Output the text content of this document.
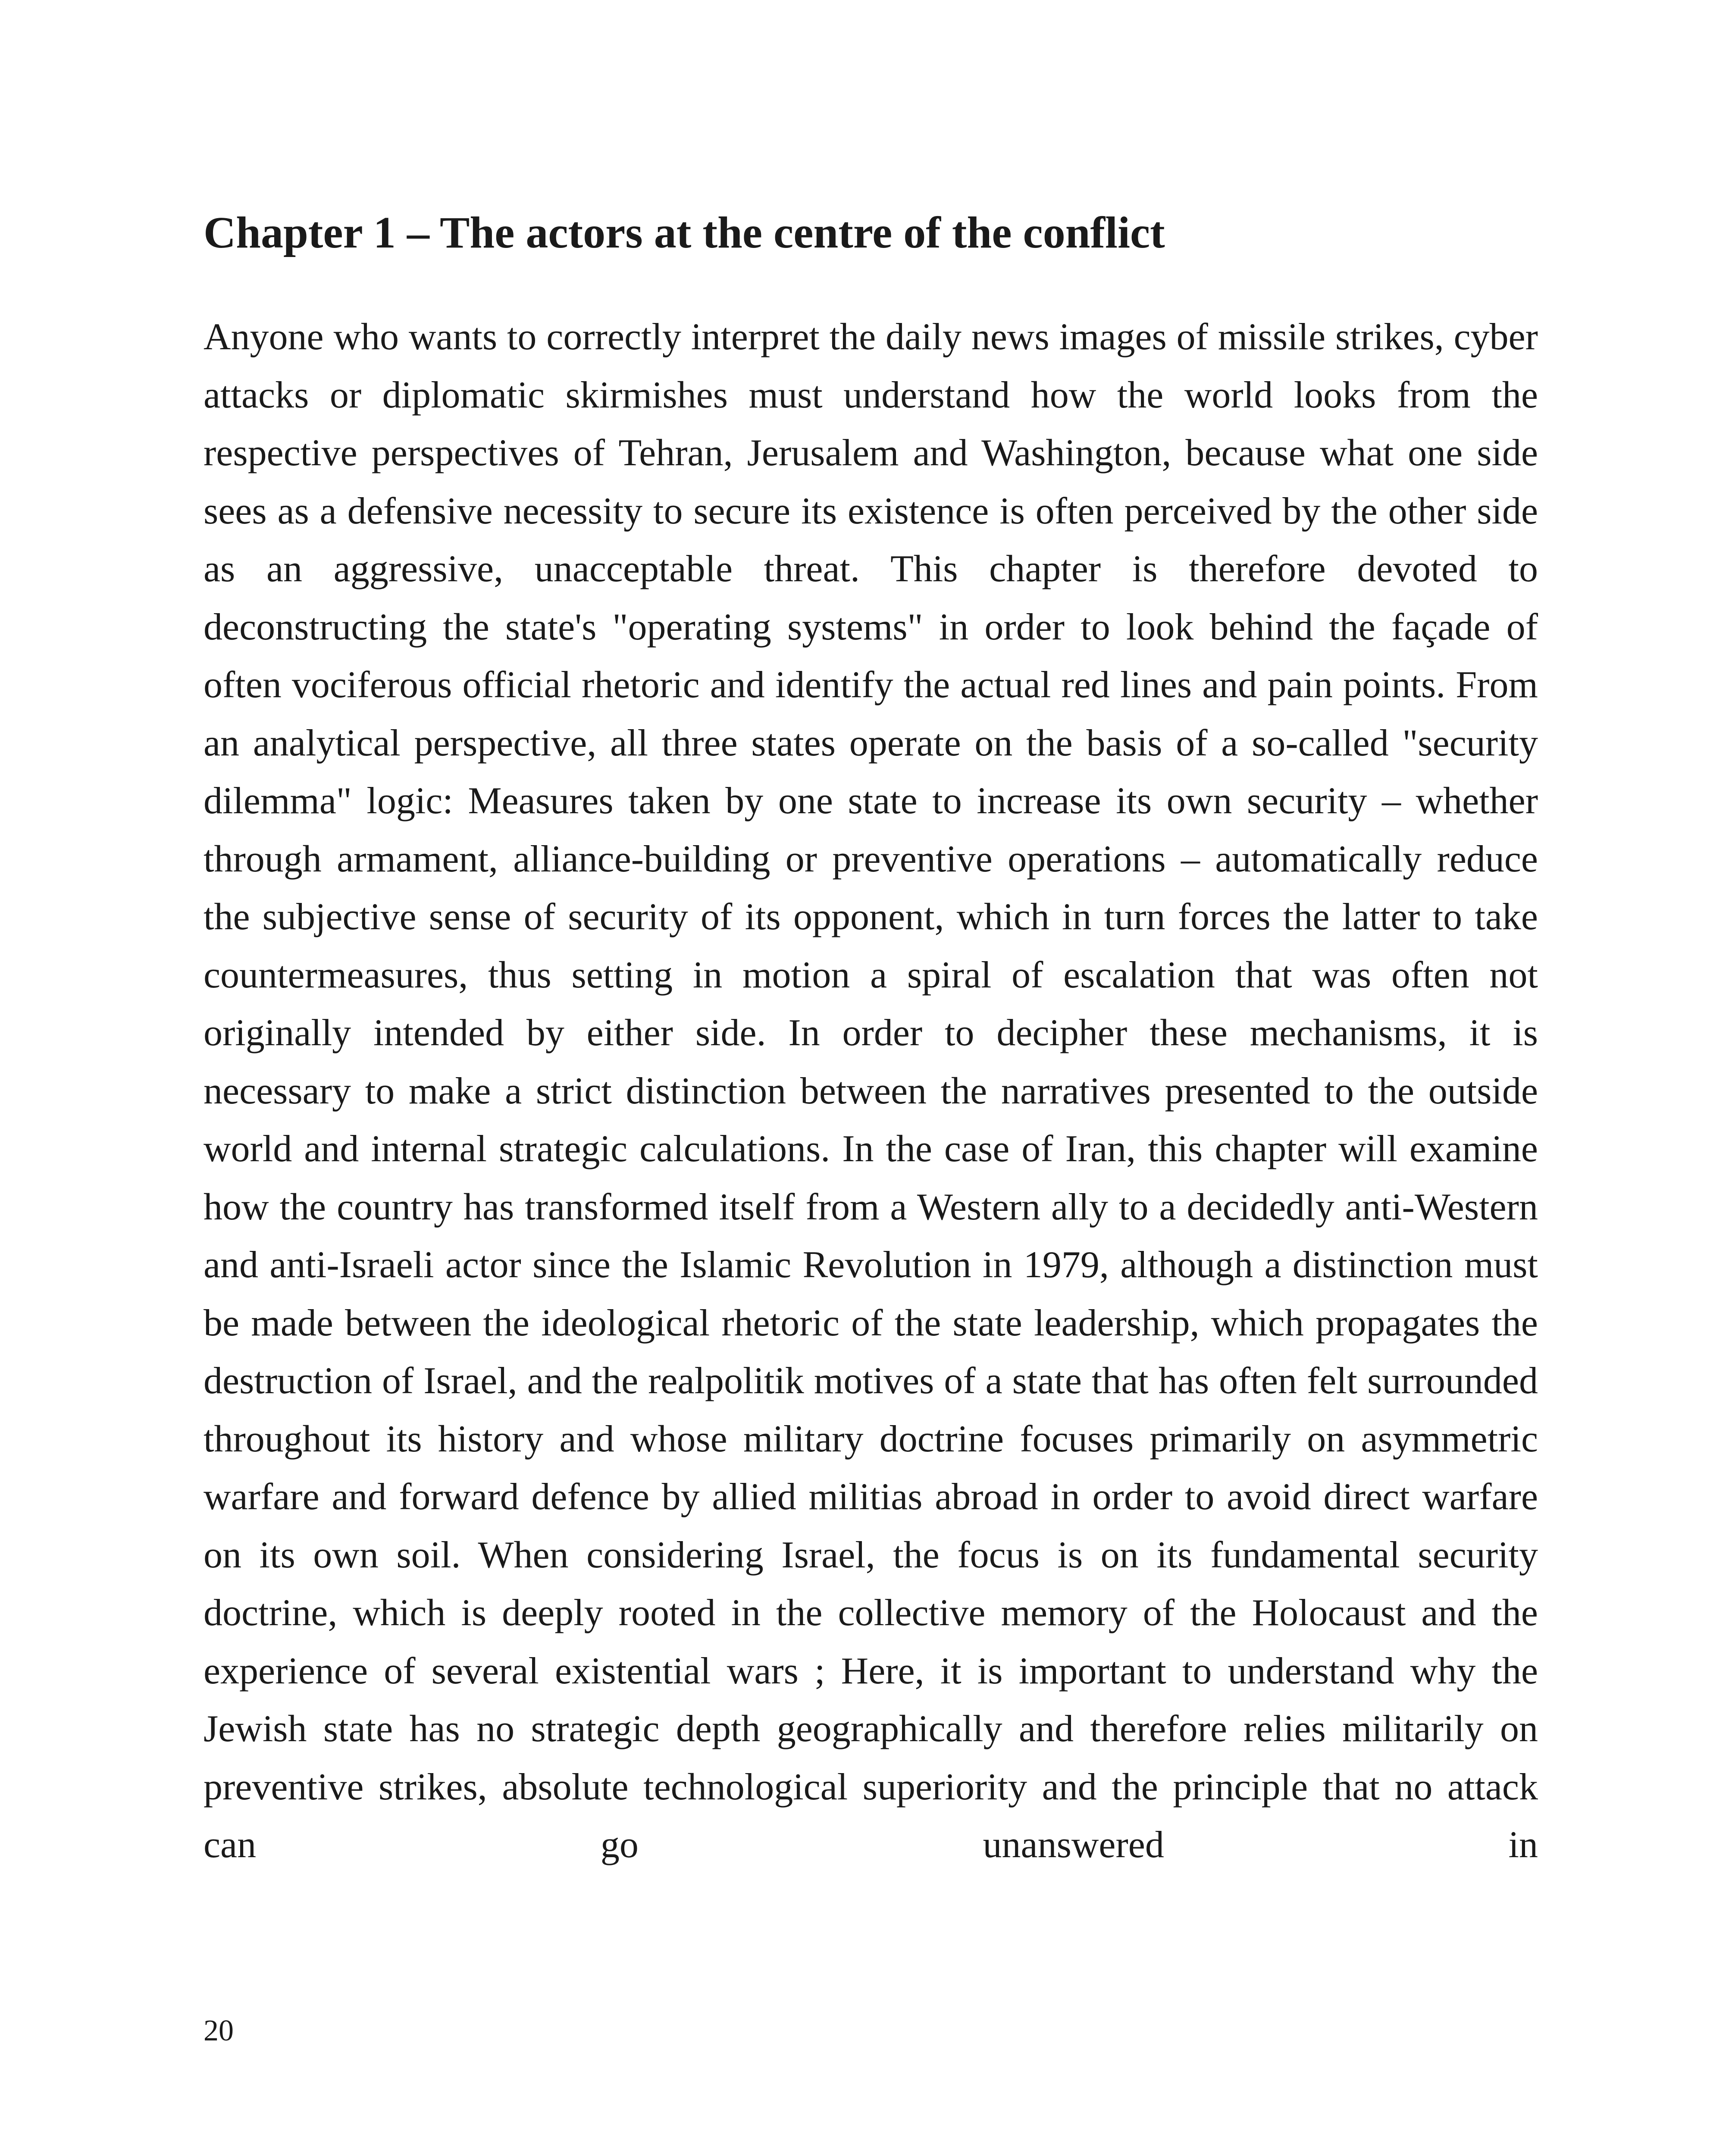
Chapter 1 – The actors at the centre of the conflict

Anyone who wants to correctly interpret the daily news images of missile strikes, cyber attacks or diplomatic skirmishes must understand how the world looks from the respective perspectives of Tehran, Jerusalem and Washington, because what one side sees as a defensive necessity to secure its existence is often perceived by the other side as an aggressive, unacceptable threat. This chapter is therefore devoted to deconstructing the state's "operating systems" in order to look behind the façade of often vociferous official rhetoric and identify the actual red lines and pain points. From an analytical perspective, all three states operate on the basis of a so-called "security dilemma" logic: Measures taken by one state to increase its own security – whether through armament, alliance-building or preventive operations – automatically reduce the subjective sense of security of its opponent, which in turn forces the latter to take countermeasures, thus setting in motion a spiral of escalation that was often not originally intended by either side. In order to decipher these mechanisms, it is necessary to make a strict distinction between the narratives presented to the outside world and internal strategic calculations. In the case of Iran, this chapter will examine how the country has transformed itself from a Western ally to a decidedly anti-Western and anti-Israeli actor since the Islamic Revolution in 1979, although a distinction must be made between the ideological rhetoric of the state leadership, which propagates the destruction of Israel, and the realpolitik motives of a state that has often felt surrounded throughout its history and whose military doctrine focuses primarily on asymmetric warfare and forward defence by allied militias abroad in order to avoid direct warfare on its own soil. When considering Israel, the focus is on its fundamental security doctrine, which is deeply rooted in the collective memory of the Holocaust and the experience of several existential wars ; Here, it is important to understand why the Jewish state has no strategic depth geographically and therefore relies militarily on preventive strikes, absolute technological superiority and the principle that no attack can go unanswered in

20
